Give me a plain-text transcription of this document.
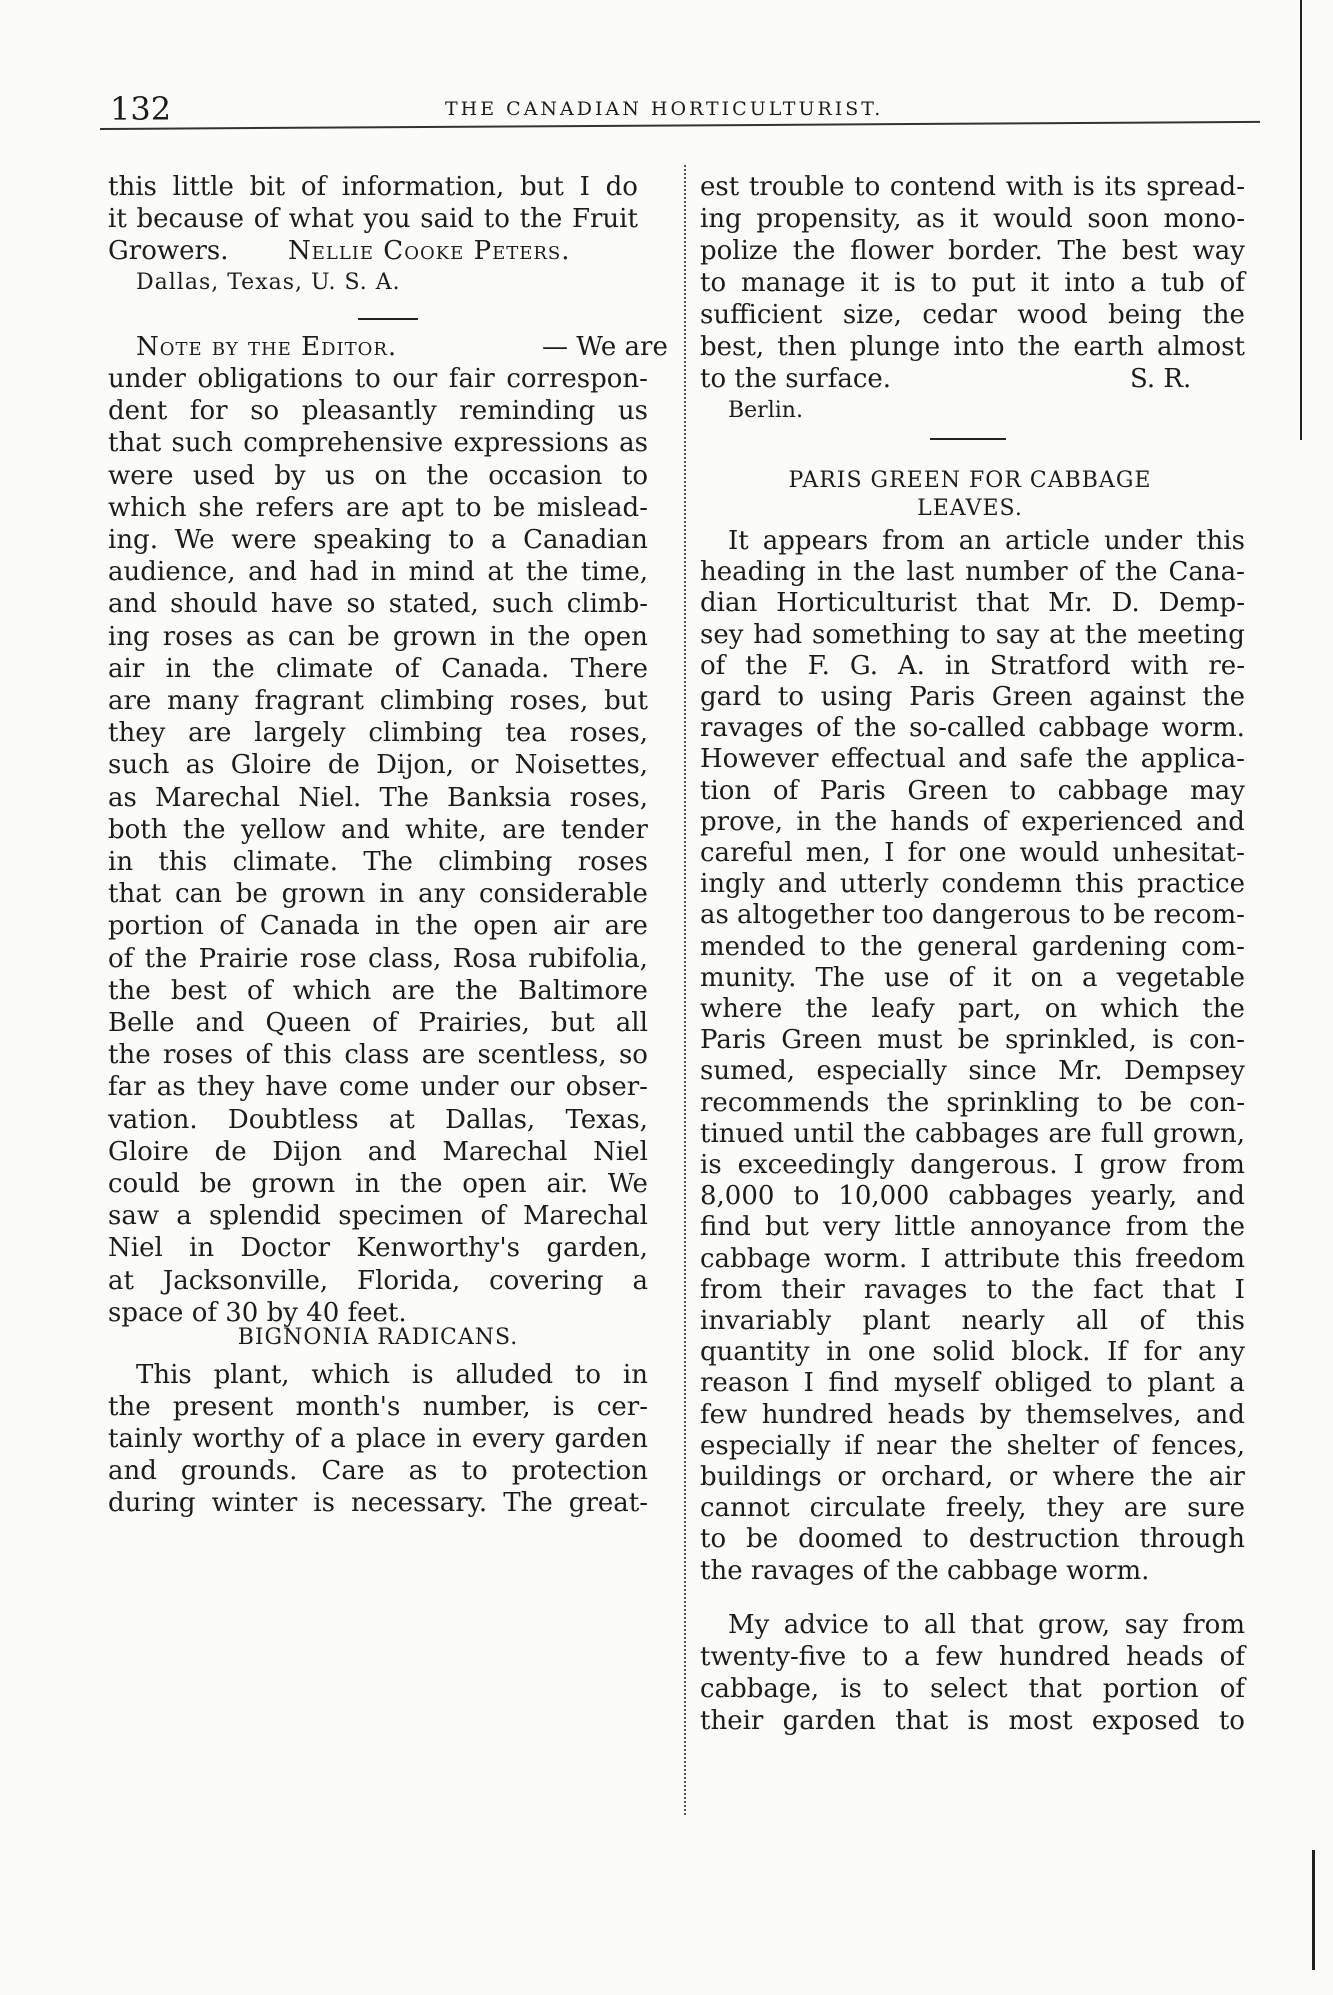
132	THE CANADIAN HORTICULTURIST.
this little bit of information, but I do
it because of what you said to the Fruit
Growers. Nellie Cooke Peters.
Dallas, Texas, U. S. A.
Note by the Editor.	— We are
under obligations to our fair correspon-
dent for so pleasantly reminding us
that such comprehensive expressions as
were used by us on the occasion to
which she refers are apt to be mislead-
ing. We were speaking to a Canadian
audience, and had in mind at the time,
and should have so stated, such climb-
ing roses as can be grown in the open
air in the climate of Canada. There
are many fragrant climbing roses, but
they are largely climbing tea roses,
such as Gloire de Dijon, or Noisettes,
as Marechal Niel. The Banksia roses,
both the yellow and white, are tender
in this climate. The climbing roses
that can be grown in any considerable
portion of Canada in the open air are
of the Prairie rose class, Rosa rubifolia,
the best of which are the Baltimore
Belle and Queen of Prairies, but all
the roses of this class are scentless, so
far as they have come under our obser-
vation. Doubtless at Dallas, Texas,
Gloire de Dijon and Marechal Niel
could be grown in the open air. We
saw a splendid specimen of Marechal
Niel in Doctor Kenworthy's garden,
at Jacksonville, Florida, covering a
space of 30 by 40 feet.
BIGNONIA RADICANS.
This plant, which is alluded to in
the present month's number, is cer-
tainly worthy of a place in every garden
and grounds. Care as to protection
during winter is necessary. The great-
est trouble to contend with is its spread-
ing propensity, as it would soon mono-
polize the flower border. The best way
to manage it is to put it into a tub of
sufficient size, cedar wood being the
best, then plunge into the earth almost
to the surface.	S. R.
Berlin.
PARIS GREEN FOR CABBAGE
LEAVES.
It appears from an article under this
heading in the last number of the Cana-
dian Horticulturist that Mr. D. Demp-
sey had something to say at the meeting
of the F. G. A. in Stratford with re-
gard to using Paris Green against the
ravages of the so-called cabbage worm.
However effectual and safe the applica-
tion of Paris Green to cabbage may
prove, in the hands of experienced and
careful men, I for one would unhesitat-
ingly and utterly condemn this practice
as altogether too dangerous to be recom-
mended to the general gardening com-
munity. The use of it on a vegetable
where the leafy part, on which the
Paris Green must be sprinkled, is con-
sumed, especially since Mr. Dempsey
recommends the sprinkling to be con-
tinued until the cabbages are full grown,
is exceedingly dangerous. I grow from
8,000 to 10,000 cabbages yearly, and
find but very little annoyance from the
cabbage worm. I attribute this freedom
from their ravages to the fact that I
invariably plant nearly all of this
quantity in one solid block. If for any
reason I find myself obliged to plant a
few hundred heads by themselves, and
especially if near the shelter of fences,
buildings or orchard, or where the air
cannot circulate freely, they are sure
to be doomed to destruction through
the ravages of the cabbage worm.
My advice to all that grow, say from
twenty-five to a few hundred heads of
cabbage, is to select that portion of
their garden that is most exposed to
